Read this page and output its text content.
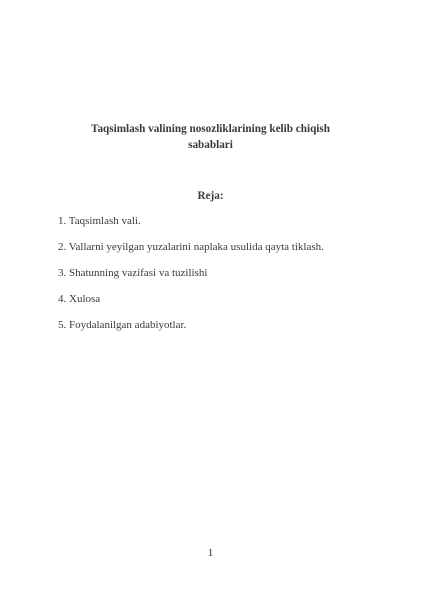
Taqsimlash valining nosozliklarining kelib chiqish
sabablari
Reja:
1. Taqsimlash vali.
2. Vallarni yeyilgan yuzalarini naplaka usulida qayta tiklash.
3. Shatunning vazifasi va tuzilishi
4. Xulosa
5. Foydalanilgan adabiyotlar.
1
